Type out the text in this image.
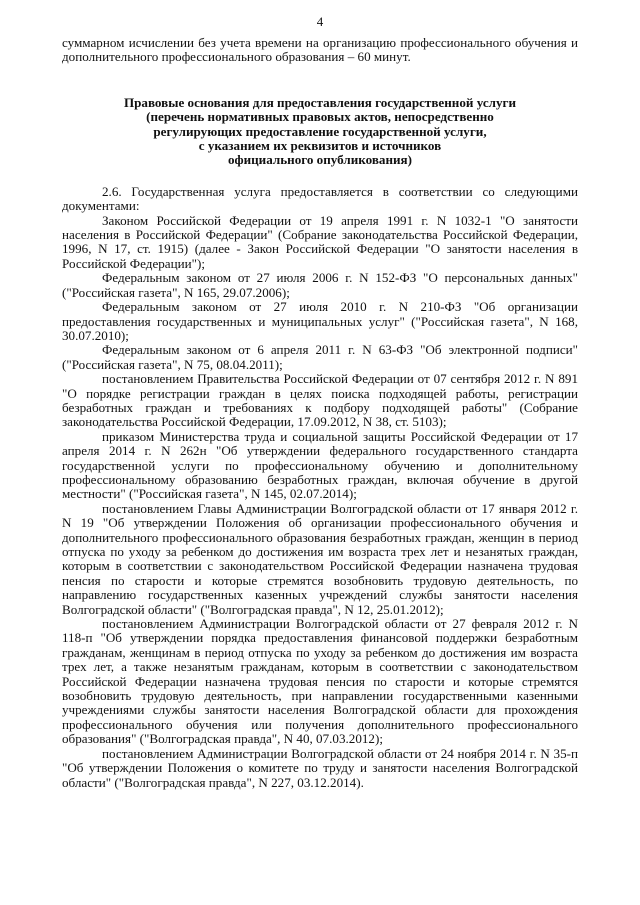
4

суммарном исчислении без учета времени на организацию профессионального обучения и дополнительного профессионального образования – 60 минут.

Правовые основания для предоставления государственной услуги
(перечень нормативных правовых актов, непосредственно
регулирующих предоставление государственной услуги,
с указанием их реквизитов и источников
официального опубликования)

2.6. Государственная услуга предоставляется в соответствии со следующими документами:

Законом Российской Федерации от 19 апреля 1991 г. N 1032-1 "О занятости населения в Российской Федерации" (Собрание законодательства Российской Федерации, 1996, N 17, ст. 1915) (далее - Закон Российской Федерации "О занятости населения в Российской Федерации");

Федеральным законом от 27 июля 2006 г. N 152-ФЗ "О персональных данных" ("Российская газета", N 165, 29.07.2006);

Федеральным законом от 27 июля 2010 г. N 210-ФЗ "Об организации предоставления государственных и муниципальных услуг" ("Российская газета", N 168, 30.07.2010);

Федеральным законом от 6 апреля 2011 г. N 63-ФЗ "Об электронной подписи" ("Российская газета", N 75, 08.04.2011);

постановлением Правительства Российской Федерации от 07 сентября 2012 г. N 891 "О порядке регистрации граждан в целях поиска подходящей работы, регистрации безработных граждан и требованиях к подбору подходящей работы" (Собрание законодательства Российской Федерации, 17.09.2012, N 38, ст. 5103);

приказом Министерства труда и социальной защиты Российской Федерации от 17 апреля 2014 г. N 262н "Об утверждении федерального государственного стандарта государственной услуги по профессиональному обучению и дополнительному профессиональному образованию безработных граждан, включая обучение в другой местности" ("Российская газета", N 145, 02.07.2014);

постановлением Главы Администрации Волгоградской области от 17 января 2012 г. N 19 "Об утверждении Положения об организации профессионального обучения и дополнительного профессионального образования безработных граждан, женщин в период отпуска по уходу за ребенком до достижения им возраста трех лет и незанятых граждан, которым в соответствии с законодательством Российской Федерации назначена трудовая пенсия по старости и которые стремятся возобновить трудовую деятельность, по направлению государственных казенных учреждений службы занятости населения Волгоградской области" ("Волгоградская правда", N 12, 25.01.2012);

постановлением Администрации Волгоградской области от 27 февраля 2012 г. N 118-п "Об утверждении порядка предоставления финансовой поддержки безработным гражданам, женщинам в период отпуска по уходу за ребенком до достижения им возраста трех лет, а также незанятым гражданам, которым в соответствии с законодательством Российской Федерации назначена трудовая пенсия по старости и которые стремятся возобновить трудовую деятельность, при направлении государственными казенными учреждениями службы занятости населения Волгоградской области для прохождения профессионального обучения или получения дополнительного профессионального образования" ("Волгоградская правда", N 40, 07.03.2012);

постановлением Администрации Волгоградской области от 24 ноября 2014 г. N 35-п "Об утверждении Положения о комитете по труду и занятости населения Волгоградской области" ("Волгоградская правда", N 227, 03.12.2014).
